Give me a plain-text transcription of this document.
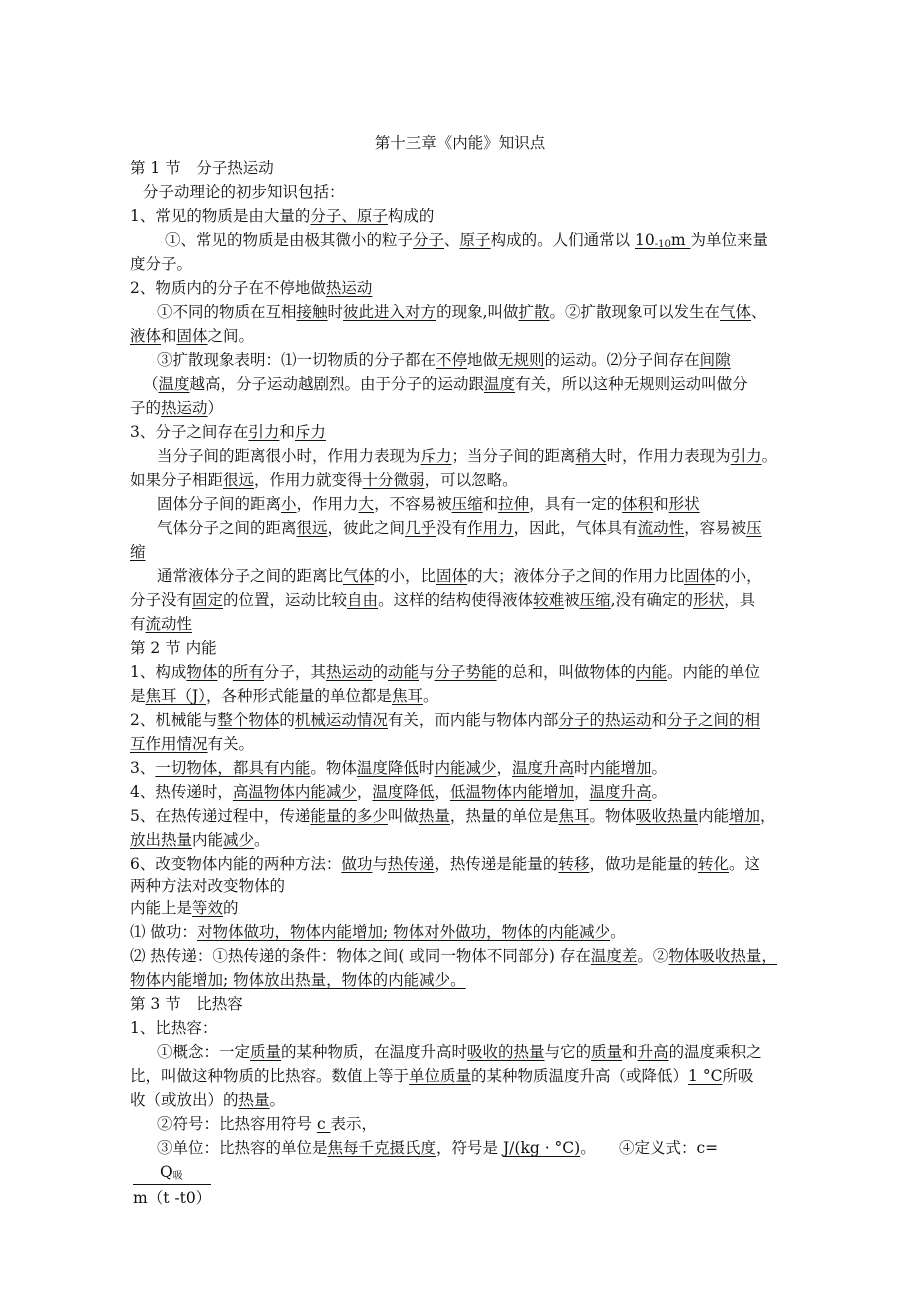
第十三章《内能》知识点
第 1 节　分子热运动
分子动理论的初步知识包括：
1、常见的物质是由大量的分子、原子构成的
①、常见的物质是由极其微小的粒子分子、原子构成的。人们通常以 $10_{-10}m$ 为单位来量
度分子。
2、物质内的分子在不停地做热运动
①不同的物质在互相接触时彼此进入对方的现象,叫做扩散。②扩散现象可以发生在气体、
液体和固体之间。
③扩散现象表明：⑴一切物质的分子都在不停地做无规则的运动。⑵分子间存在间隙
（温度越高，分子运动越剧烈。由于分子的运动跟温度有关，所以这种无规则运动叫做分
子的热运动）
3、分子之间存在引力和斥力
当分子间的距离很小时，作用力表现为斥力；当分子间的距离稍大时，作用力表现为引力。
如果分子相距很远，作用力就变得十分微弱，可以忽略。
固体分子间的距离小，作用力大，不容易被压缩和拉伸，具有一定的体积和形状
气体分子之间的距离很远，彼此之间几乎没有作用力，因此，气体具有流动性，容易被压
缩
通常液体分子之间的距离比气体的小，比固体的大；液体分子之间的作用力比固体的小，
分子没有固定的位置，运动比较自由。这样的结构使得液体较难被压缩,没有确定的形状，具
有流动性
第 2 节 内能
1、构成物体的所有分子，其热运动的动能与分子势能的总和，叫做物体的内能。内能的单位
是焦耳（J），各种形式能量的单位都是焦耳。
2、机械能与整个物体的机械运动情况有关，而内能与物体内部分子的热运动和分子之间的相
互作用情况有关。
3、一切物体，都具有内能。物体温度降低时内能减少，温度升高时内能增加。
4、热传递时，高温物体内能减少，温度降低，低温物体内能增加，温度升高。
5、在热传递过程中，传递能量的多少叫做热量，热量的单位是焦耳。物体吸收热量内能增加，
放出热量内能减少。
6、改变物体内能的两种方法：做功与热传递，热传递是能量的转移，做功是能量的转化。这
两种方法对改变物体的
内能上是等效的
⑴ 做功：对物体做功，物体内能增加; 物体对外做功，物体的内能减少。
⑵ 热传递：①热传递的条件：物体之间( 或同一物体不同部分) 存在温度差。②物体吸收热量，
物体内能增加; 物体放出热量，物体的内能减少。
第 3 节　比热容
1、比热容：
①概念：一定质量的某种物质，在温度升高时吸收的热量与它的质量和升高的温度乘积之
比，叫做这种物质的比热容。数值上等于单位质量的某种物质温度升高（或降低）1 °C所吸
收（或放出）的热量。
②符号：比热容用符号 c 表示，
③单位：比热容的单位是焦每千克摄氏度，符号是 J/(kg · °C)。　　 ④定义式：c=
$Q_吸$
m（t -t0）
